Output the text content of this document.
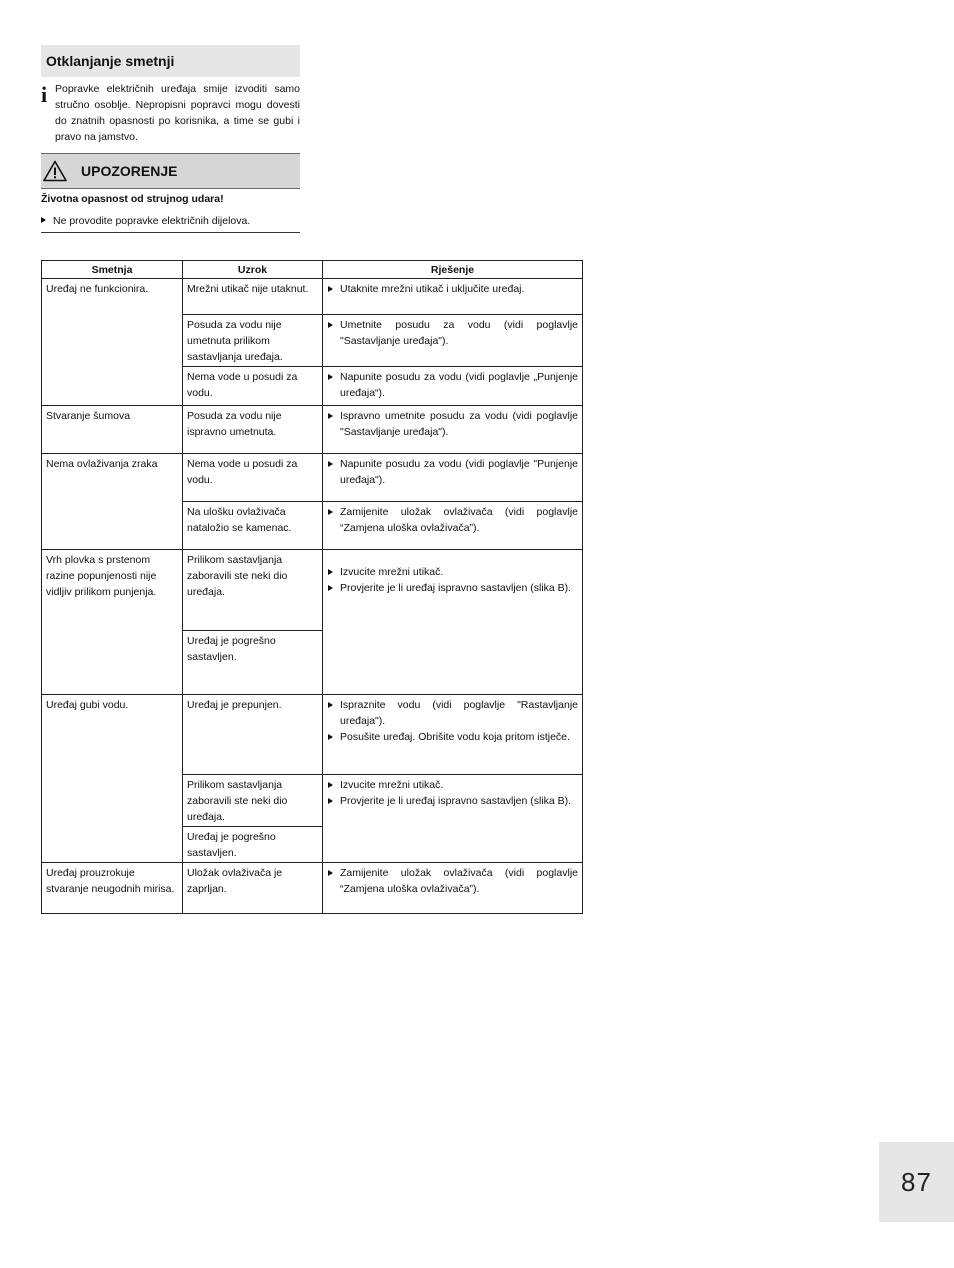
Otklanjanje smetnji
i Popravke električnih uređaja smije izvoditi samo stručno osoblje. Nepropisni popravci mogu dovesti do znatnih opasnosti po korisnika, a time se gubi i pravo na jamstvo.
UPOZORENJE
Životna opasnost od strujnog udara!
Ne provodite popravke električnih dijelova.
Smetnja	Uzrok	Rješenje
Uređaj ne funkcionira.	Mrežni utikač nije utaknut.	Utaknite mrežni utikač i uključite uređaj.

	Posuda za vodu nije umetnuta prilikom sastavljanja uređaja.	Umetnite posudu za vodu (vidi poglavlje "Sastavljanje uređaja").

	Nema vode u posudi za vodu.	Napunite posudu za vodu (vidi poglavlje „Punjenje uređaja“).

Stvaranje šumova	Posuda za vodu nije ispravno umetnuta.	Ispravno umetnite posudu za vodu (vidi poglavlje "Sastavljanje uređaja").

Nema ovlaživanja zraka	Nema vode u posudi za vodu.	Napunite posudu za vodu (vidi poglavlje "Punjenje uređaja").

	Na ulošku ovlaživača nataložio se kamenac.	Zamijenite uložak ovlaživača (vidi poglavlje “Zamjena uloška ovlaživača”).

Vrh plovka s prstenom razine popunjenosti nije vidljiv prilikom punjenja.	Prilikom sastavljanja zaboravili ste neki dio uređaja.	Izvucite mrežni utikač.
Provjerite je li uređaj ispravno sastavljen (slika B).

	Uređaj je pogrešno sastavljen.	
Uređaj gubi vodu.	Uređaj je prepunjen.	Ispraznite vodu (vidi poglavlje "Rastavljanje uređaja").
Posušite uređaj. Obrišite vodu koja pritom istječe.

	Prilikom sastavljanja zaboravili ste neki dio uređaja.	Izvucite mrežni utikač.
Provjerite je li uređaj ispravno sastavljen (slika B).

	Uređaj je pogrešno sastavljen.	
Uređaj prouzrokuje stvaranje neugodnih mirisa.	Uložak ovlaživača je zaprljan.	Zamijenite uložak ovlaživača (vidi poglavlje “Zamjena uloška ovlaživača”).
87
